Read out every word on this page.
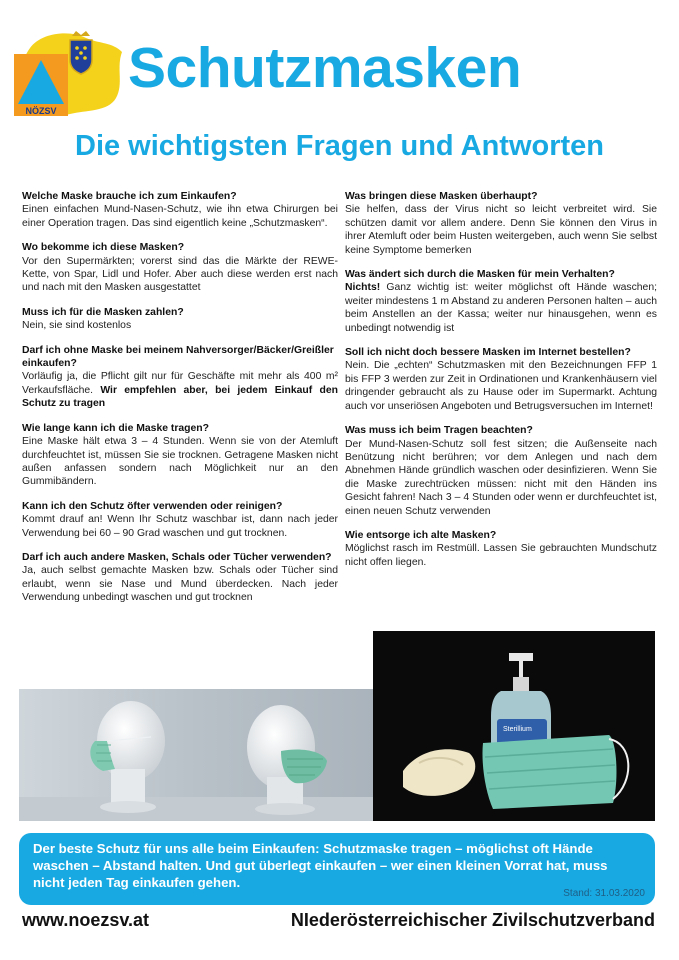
NÖZSV
Schutzmasken
Die wichtigsten Fragen und Antworten
Welche Maske brauche ich zum Einkaufen?
Einen einfachen Mund-Nasen-Schutz, wie ihn etwa Chirurgen bei einer Operation tragen. Das sind eigentlich keine „Schutzmasken“.
Wo bekomme ich diese Masken?
Vor den Supermärkten; vorerst sind das die Märkte der REWE-Kette, von Spar, Lidl und Hofer. Aber auch diese werden erst nach und nach mit den Masken ausgestattet
Muss ich für die Masken zahlen?
Nein, sie sind kostenlos
Darf ich ohne Maske bei meinem Nahversorger/Bäcker/Greißler einkaufen?
Vorläufig ja, die Pflicht gilt nur für Geschäfte mit mehr als 400 m² Verkaufsfläche. Wir empfehlen aber, bei jedem Einkauf den Schutz zu tragen
Wie lange kann ich die Maske tragen?
Eine Maske hält etwa 3 – 4 Stunden. Wenn sie von der Atemluft durchfeuchtet ist, müssen Sie sie trocknen. Getragene Masken nicht außen anfassen sondern nach Möglichkeit nur an den Gummibändern.
Kann ich den Schutz öfter verwenden oder reinigen?
Kommt drauf an! Wenn Ihr Schutz waschbar ist, dann nach jeder Verwendung bei 60 – 90 Grad waschen und gut trocknen.
Darf ich auch andere Masken, Schals oder Tücher verwenden?
Ja, auch selbst gemachte Masken bzw. Schals oder Tücher sind erlaubt, wenn sie Nase und Mund überdecken. Nach jeder Verwendung unbedingt waschen und gut trocknen
Was bringen diese Masken überhaupt?
Sie helfen, dass der Virus nicht so leicht verbreitet wird. Sie schützen damit vor allem andere. Denn Sie können den Virus in ihrer Atemluft oder beim Husten weitergeben, auch wenn Sie selbst keine Symptome bemerken
Was ändert sich durch die Masken für mein Verhalten?
Nichts! Ganz wichtig ist: weiter möglichst oft Hände waschen; weiter mindestens 1 m Abstand zu anderen Personen halten – auch beim Anstellen an der Kassa; weiter nur hinausgehen, wenn es unbedingt notwendig ist
Soll ich nicht doch bessere Masken im Internet bestellen?
Nein. Die „echten“ Schutzmasken mit den Bezeichnungen FFP 1 bis FFP 3 werden zur Zeit in Ordinationen und Krankenhäusern viel dringender gebraucht als zu Hause oder im Supermarkt. Achtung auch vor unseriösen Angeboten und Betrugsversuchen im Internet!
Was muss ich beim Tragen beachten?
Der Mund-Nasen-Schutz soll fest sitzen; die Außenseite nach Benützung nicht berühren; vor dem Anlegen und nach dem Abnehmen Hände gründlich waschen oder desinfizieren. Wenn Sie die Maske zurechtrücken müssen: nicht mit den Händen ins Gesicht fahren! Nach 3 – 4 Stunden oder wenn er durchfeuchtet ist, einen neuen Schutz verwenden
Wie entsorge ich alte Masken?
Möglichst rasch im Restmüll. Lassen Sie gebrauchten Mundschutz nicht offen liegen.
Sterillium
Der beste Schutz für uns alle beim Einkaufen: Schutzmaske tragen – möglichst oft Hände waschen – Abstand halten. Und gut überlegt einkaufen – wer einen kleinen Vorrat hat, muss nicht jeden Tag einkaufen gehen.
Stand: 31.03.2020
www.noezsv.at	NIederösterreichischer Zivilschutzverband
